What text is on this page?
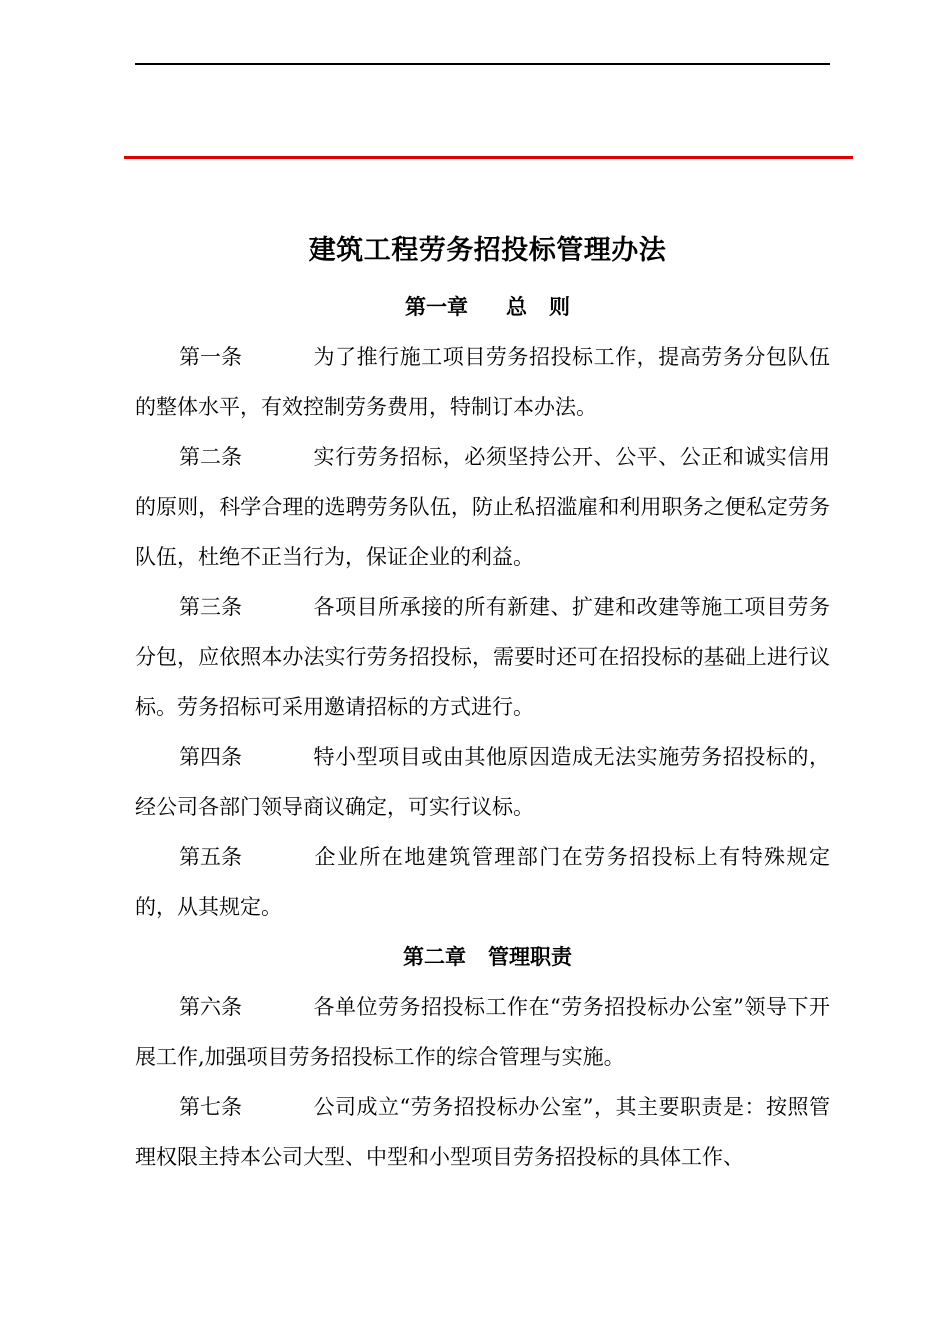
建筑工程劳务招投标管理办法
第一章 总 则

第一条	为了推行施工项目劳务招投标工作，提高劳务分包队伍的整体水平，有效控制劳务费用，特制订本办法。

第二条	实行劳务招标，必须坚持公开、公平、公正和诚实信用的原则，科学合理的选聘劳务队伍，防止私招滥雇和利用职务之便私定劳务队伍，杜绝不正当行为，保证企业的利益。

第三条	各项目所承接的所有新建、扩建和改建等施工项目劳务分包，应依照本办法实行劳务招投标，需要时还可在招投标的基础上进行议标。劳务招标可采用邀请招标的方式进行。

第四条	特小型项目或由其他原因造成无法实施劳务招投标的，经公司各部门领导商议确定，可实行议标。

第五条	企业所在地建筑管理部门在劳务招投标上有特殊规定的，从其规定。

第二章 管理职责

第六条	各单位劳务招投标工作在“劳务招投标办公室”领导下开展工作,加强项目劳务招投标工作的综合管理与实施。

第七条	公司成立“劳务招投标办公室”，其主要职责是：按照管理权限主持本公司大型、中型和小型项目劳务招投标的具体工作、
